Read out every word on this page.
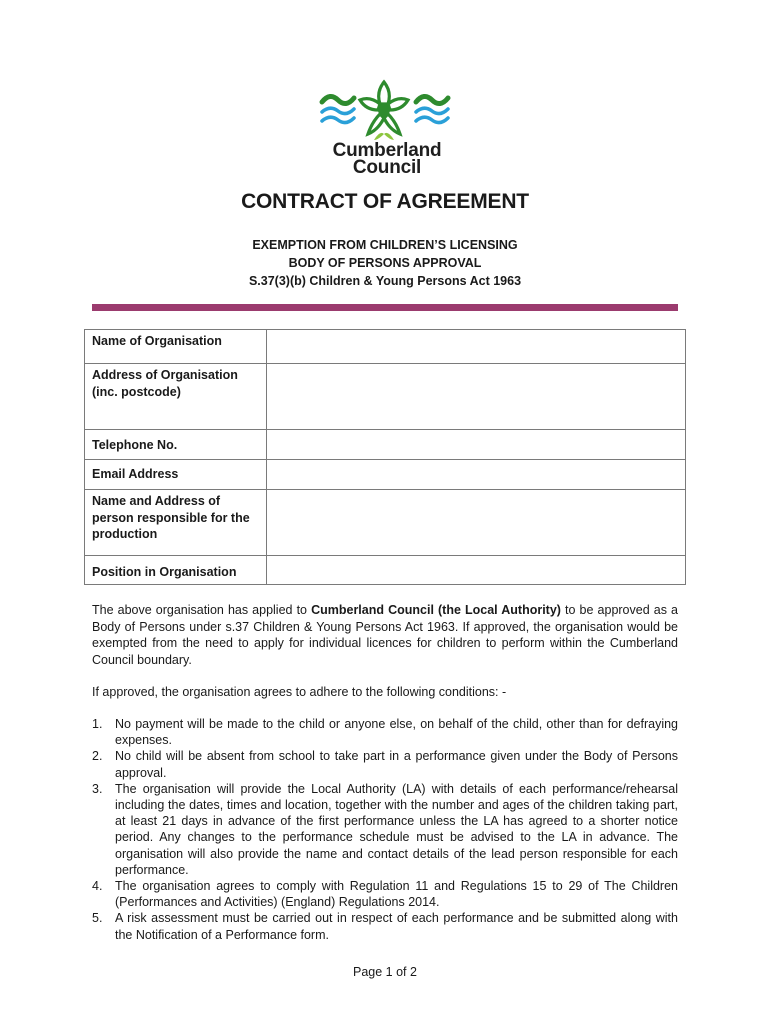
Cumberland
Council
CONTRACT OF AGREEMENT
EXEMPTION FROM CHILDREN’S LICENSING
BODY OF PERSONS APPROVAL
S.37(3)(b) Children & Young Persons Act 1963
Name of Organisation	
Address of Organisation (inc. postcode)	
Telephone No.	
Email Address	
Name and Address of person responsible for the production	
Position in Organisation	
The above organisation has applied to Cumberland Council (the Local Authority) to be approved as a Body of Persons under s.37 Children & Young Persons Act 1963. If approved, the organisation would be exempted from the need to apply for individual licences for children to perform within the Cumberland Council boundary.
If approved, the organisation agrees to adhere to the following conditions: -
1. No payment will be made to the child or anyone else, on behalf of the child, other than for defraying expenses.
2. No child will be absent from school to take part in a performance given under the Body of Persons approval.
3. The organisation will provide the Local Authority (LA) with details of each performance/rehearsal including the dates, times and location, together with the number and ages of the children taking part, at least 21 days in advance of the first performance unless the LA has agreed to a shorter notice period. Any changes to the performance schedule must be advised to the LA in advance. The organisation will also provide the name and contact details of the lead person responsible for each performance.
4. The organisation agrees to comply with Regulation 11 and Regulations 15 to 29 of The Children (Performances and Activities) (England) Regulations 2014.
5. A risk assessment must be carried out in respect of each performance and be submitted along with the Notification of a Performance form.
Page 1 of 2
